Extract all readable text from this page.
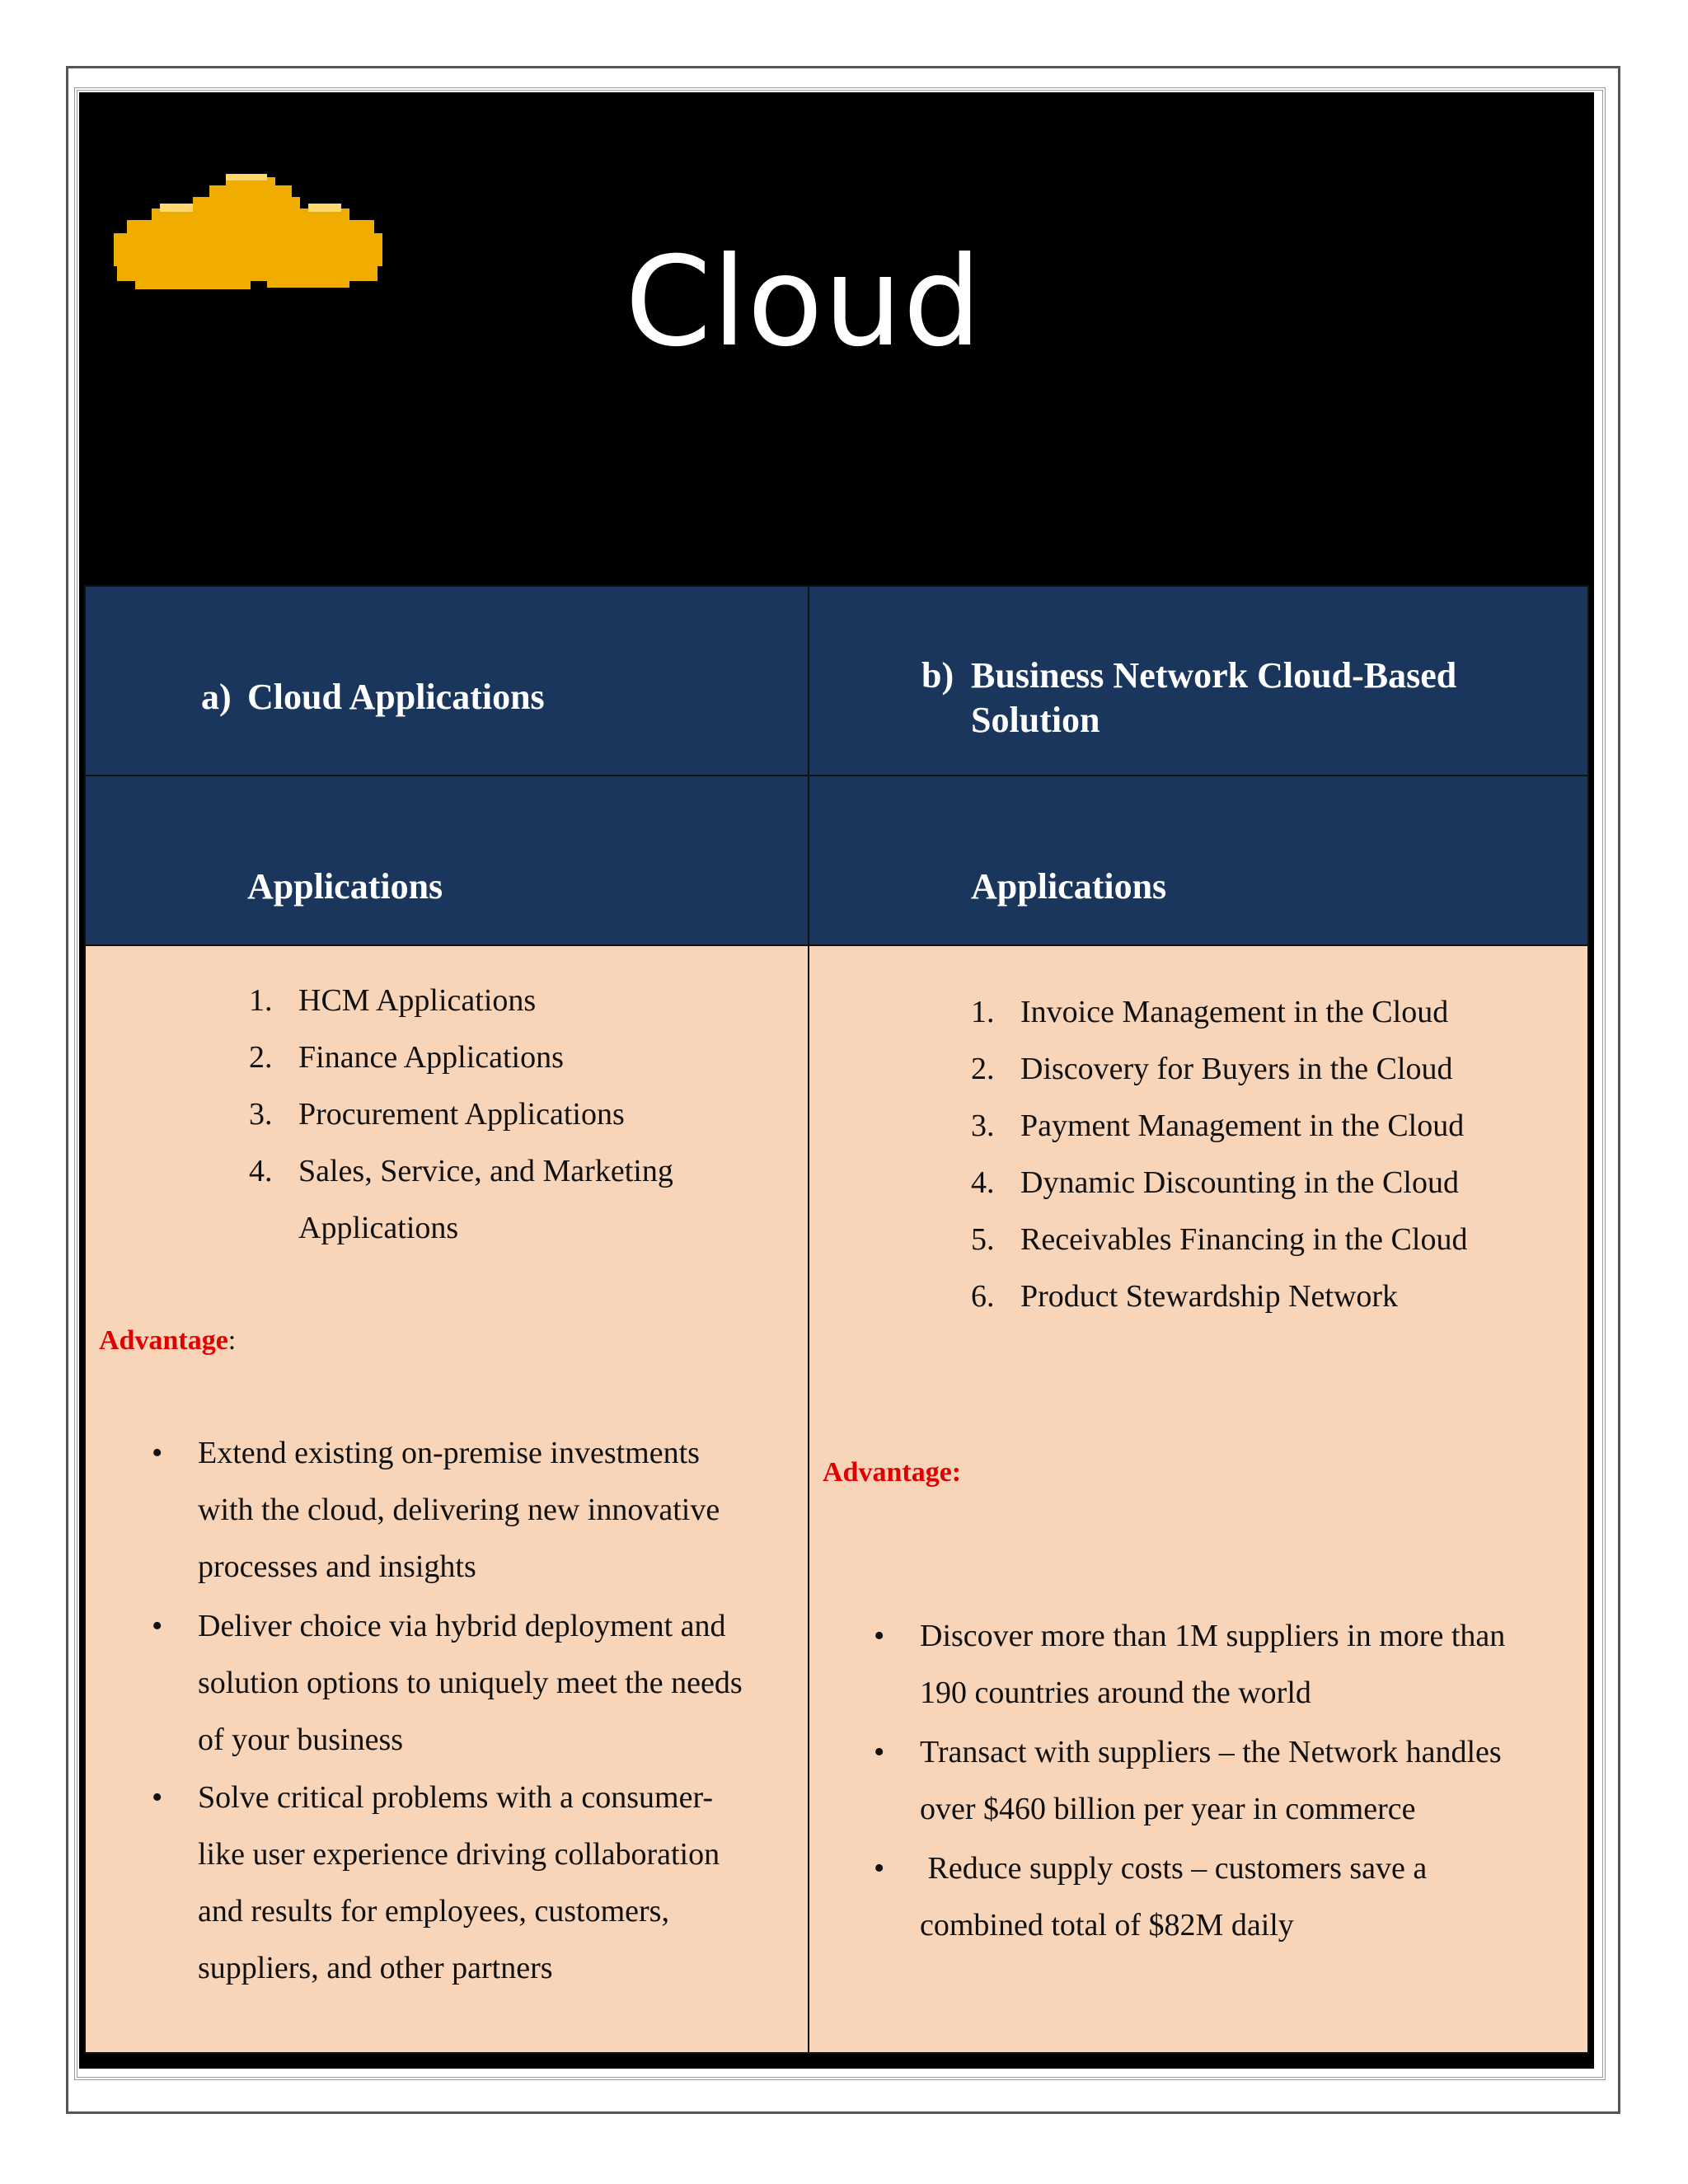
Cloud
a) Cloud Applications
b) Business Network Cloud-Based
Solution
Applications	Applications
1. HCM Applications
2. Finance Applications
3. Procurement Applications
4. Sales, Service, and Marketing
Applications
Advantage:
• Extend existing on-premise investments
with the cloud, delivering new innovative
processes and insights
• Deliver choice via hybrid deployment and
solution options to uniquely meet the needs
of your business
• Solve critical problems with a consumer-
like user experience driving collaboration
and results for employees, customers,
suppliers, and other partners
1. Invoice Management in the Cloud
2. Discovery for Buyers in the Cloud
3. Payment Management in the Cloud
4. Dynamic Discounting in the Cloud
5. Receivables Financing in the Cloud
6. Product Stewardship Network
Advantage:
• Discover more than 1M suppliers in more than
190 countries around the world
• Transact with suppliers – the Network handles
over $460 billion per year in commerce
• Reduce supply costs – customers save a
combined total of $82M daily
